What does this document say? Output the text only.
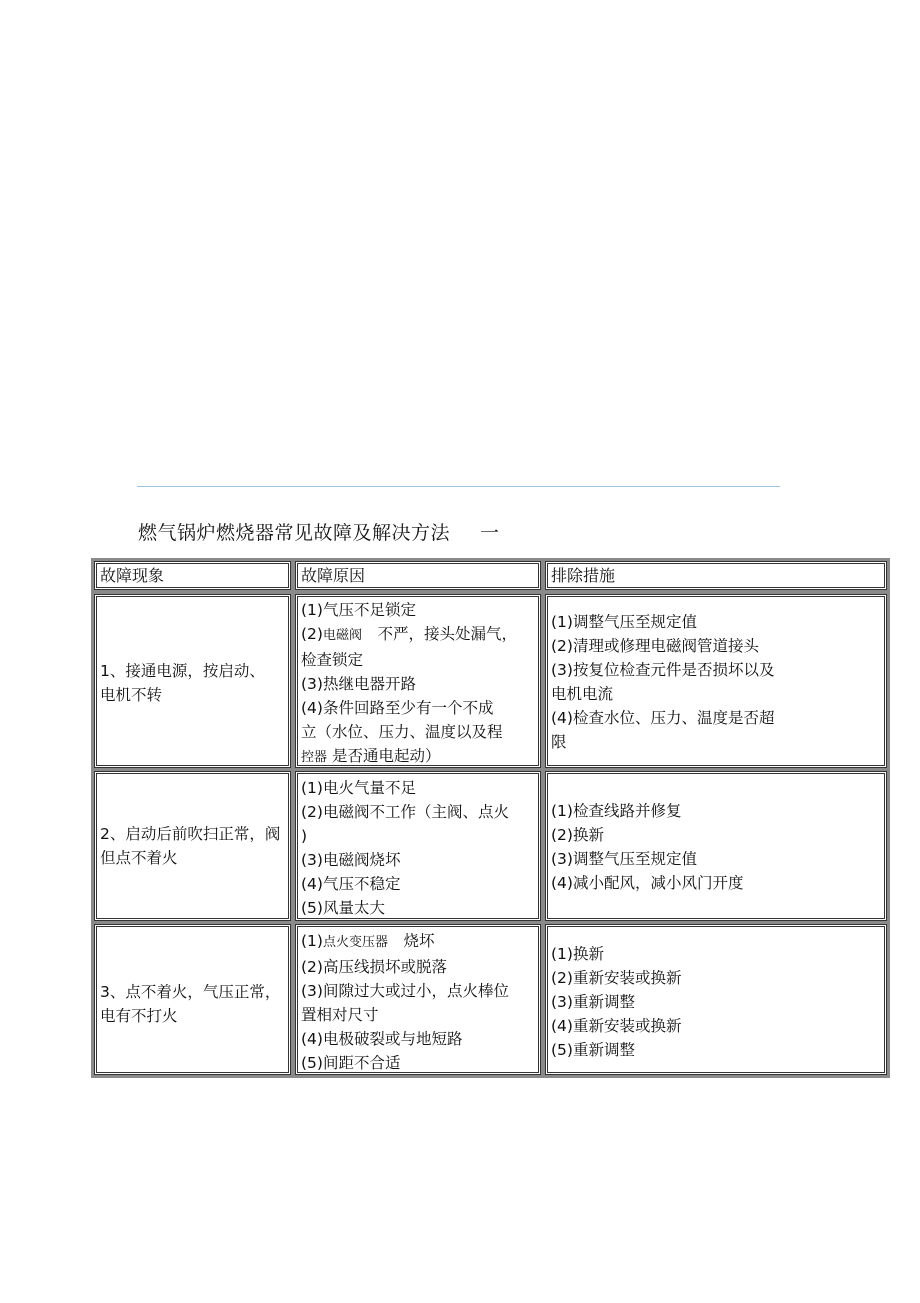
燃气锅炉燃烧器常见故障及解决方法 一
故障现象	故障原因	排除措施
1、接通电源，按启动、
电机不转
(1)气压不足锁定
(2)电磁阀　不严，接头处漏气，
检查锁定
(3)热继电器开路
(4)条件回路至少有一个不成
立（水位、压力、温度以及程
控器 是否通电起动）
(1)调整气压至规定值
(2)清理或修理电磁阀管道接头
(3)按复位检查元件是否损坏以及
电机电流
(4)检查水位、压力、温度是否超
限
2、启动后前吹扫正常，阀
但点不着火
(1)电火气量不足
(2)电磁阀不工作（主阀、点火
)
(3)电磁阀烧坏
(4)气压不稳定
(5)风量太大
(1)检查线路并修复
(2)换新
(3)调整气压至规定值
(4)减小配风，减小风门开度
3、点不着火，气压正常，
电有不打火
(1)点火变压器　烧坏
(2)高压线损坏或脱落
(3)间隙过大或过小，点火棒位
置相对尺寸
(4)电极破裂或与地短路
(5)间距不合适
(1)换新
(2)重新安装或换新
(3)重新调整
(4)重新安装或换新
(5)重新调整
